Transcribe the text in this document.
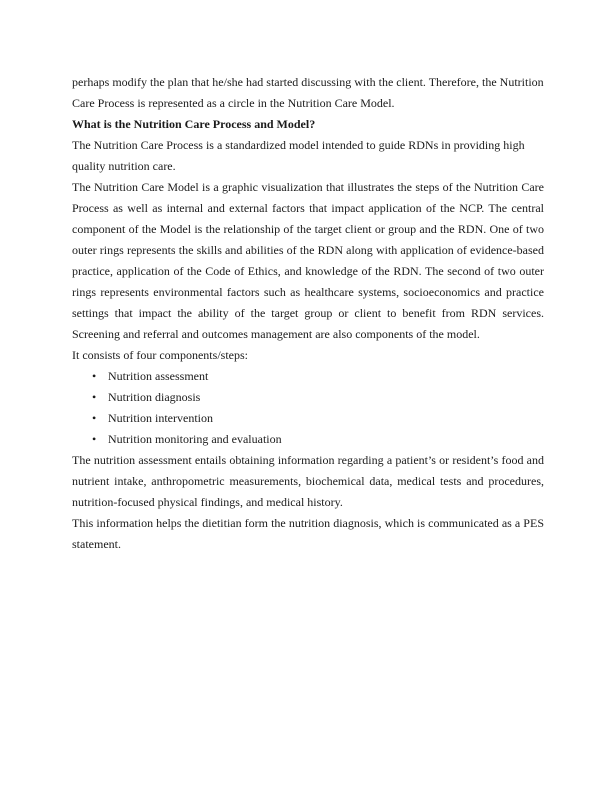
perhaps modify the plan that he/she had started discussing with the client. Therefore, the Nutrition Care Process is represented as a circle in the Nutrition Care Model.

What is the Nutrition Care Process and Model?

The Nutrition Care Process is a standardized model intended to guide RDNs in providing high quality nutrition care.

The Nutrition Care Model is a graphic visualization that illustrates the steps of the Nutrition Care Process as well as internal and external factors that impact application of the NCP. The central component of the Model is the relationship of the target client or group and the RDN. One of two outer rings represents the skills and abilities of the RDN along with application of evidence-based practice, application of the Code of Ethics, and knowledge of the RDN. The second of two outer rings represents environmental factors such as healthcare systems, socioeconomics and practice settings that impact the ability of the target group or client to benefit from RDN services. Screening and referral and outcomes management are also components of the model.

It consists of four components/steps:

• Nutrition assessment
• Nutrition diagnosis
• Nutrition intervention
• Nutrition monitoring and evaluation

The nutrition assessment entails obtaining information regarding a patient’s or resident’s food and nutrient intake, anthropometric measurements, biochemical data, medical tests and procedures, nutrition-focused physical findings, and medical history.

This information helps the dietitian form the nutrition diagnosis, which is communicated as a PES statement.
